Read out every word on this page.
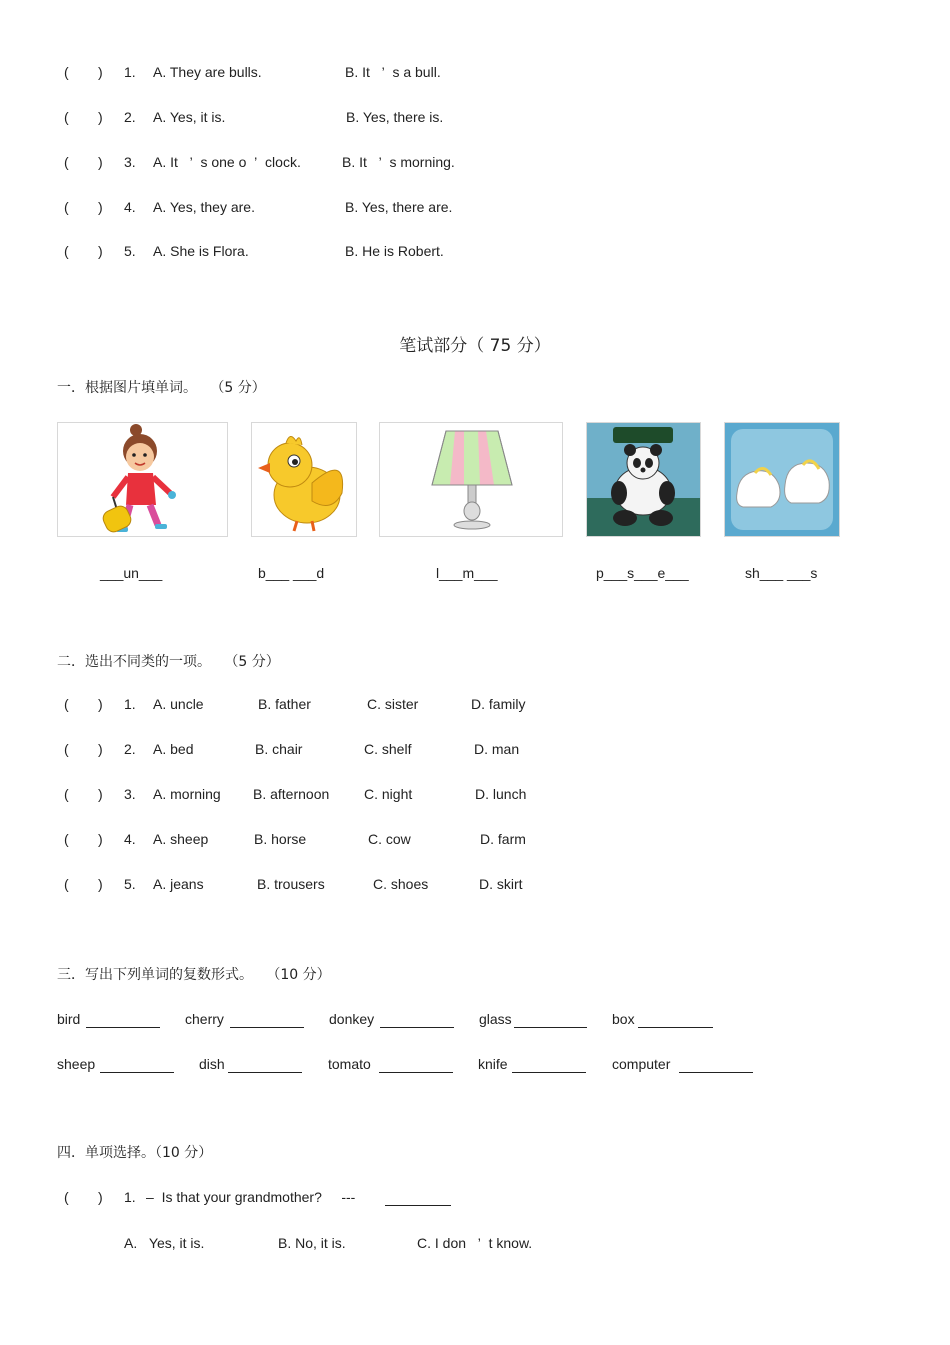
( ) 1. A. They are bulls.	B. It   ’  s a bull.
( ) 2. A. Yes, it is.	B. Yes, there is.
( ) 3. A. It   ’  s one o  ’  clock.	B. It   ’  s morning.
( ) 4. A. Yes, they are.	B. Yes, there are.
( ) 5. A. She is Flora.	B. He is Robert.
笔试部分（ 75 分）
一．根据图片填单词。   （5 分）
___un___	b___ ___d	l___m___	p___s___e___	sh___ ___s
二．选出不同类的一项。   （5 分）
( ) 1. A. uncle	B. father	C. sister	D. family
( ) 2. A. bed	B. chair	C. shelf	D. man
( ) 3. A. morning B. afternoon C. night	D. lunch
( ) 4. A. sheep	B. horse	C. cow	D. farm
( ) 5. A. jeans	B. trousers	C. shoes	D. skirt
三．写出下列单词的复数形式。   （10 分）
bird	cherry	donkey	glass	box
sheep	dish	tomato	knife	computer
四．单项选择。（10 分）
( ) 1. –  Is that your grandmother?     ---
A.   Yes, it is.	B. No, it is.	C. I don   ’  t know.
